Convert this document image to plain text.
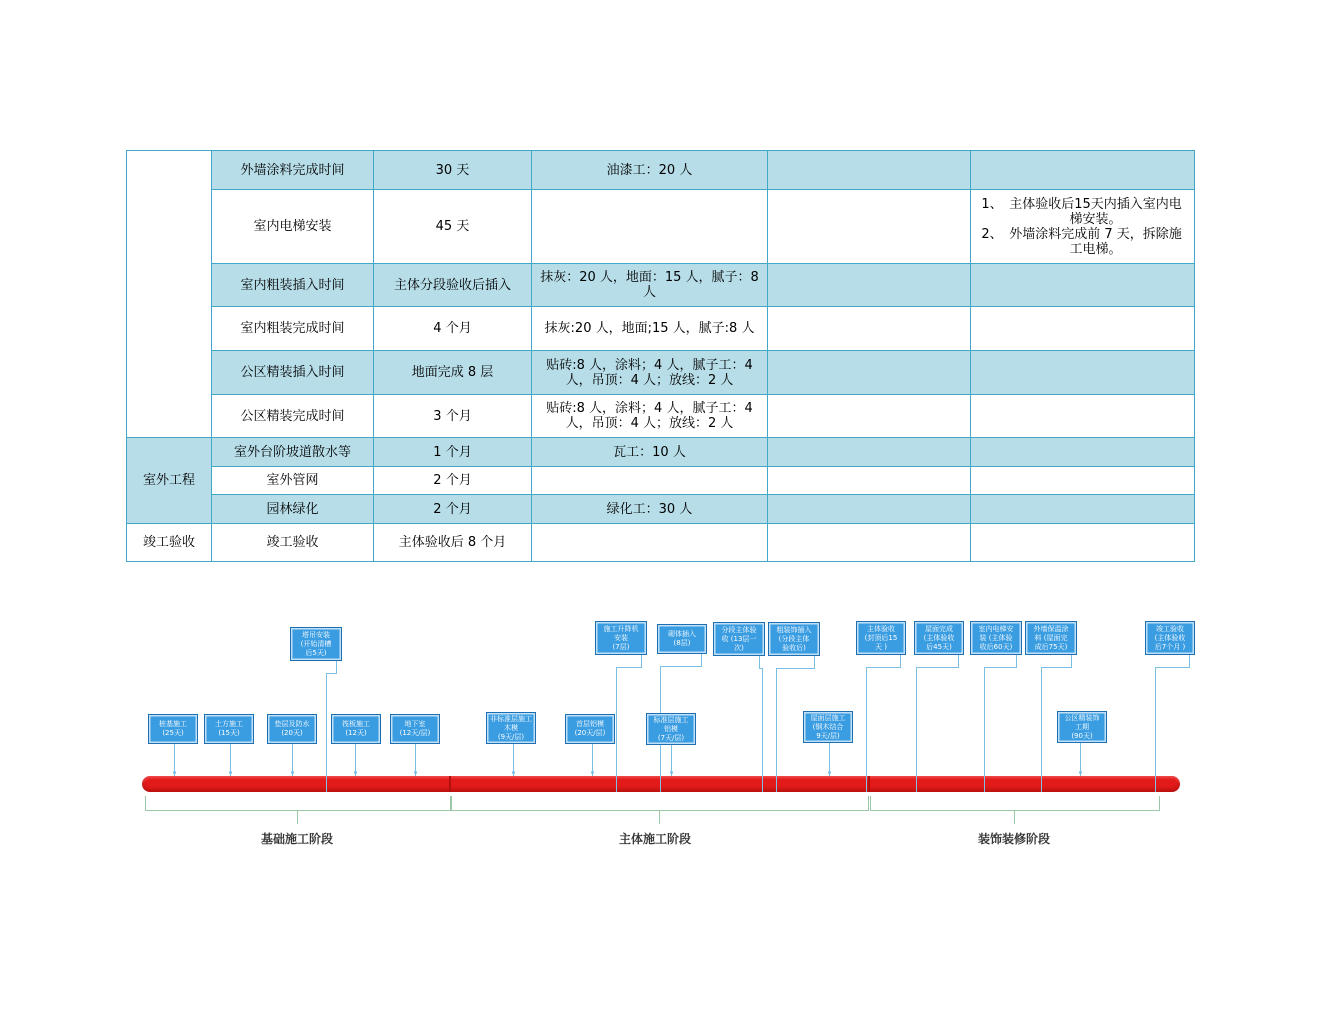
	外墙涂料完成时间	30 天	油漆工：20 人		
	室内电梯安装	45 天			1、 主体验收后15天内插入室内电梯安装。
2、 外墙涂料完成前 7 天，拆除施工电梯。

	室内粗装插入时间	主体分段验收后插入	抹灰：20 人，地面：15 人，腻子：8 人		
	室内粗装完成时间	4 个月	抹灰:20 人，地面;15 人，腻子:8 人		
	公区精装插入时间	地面完成 8 层	贴砖:8 人，涂料；4 人，腻子工：4 人，吊顶：4 人；放线：2 人		
	公区精装完成时间	3 个月	贴砖:8 人，涂料；4 人，腻子工：4 人，吊顶：4 人；放线：2 人		
室外工程	室外台阶坡道散水等	1 个月	瓦工：10 人		
	室外管网	2 个月			
	园林绿化	2 个月	绿化工：30 人		
竣工验收	竣工验收	主体验收后 8 个月			
基础施工阶段	主体施工阶段	装饰装修阶段
桩基施工
(25天)
土方施工
(15天)
垫层及防水
(20天)
塔吊安装
(开始清槽
后5天)
筏板施工
(12天)
地下室
(12天/层)
非标准层施工
木模
(9天/层)
首层铝模
(20天/层)
施工升降机
安装
(7层)
砌体插入
(8层)
标准层施工
铝模
(7天/层)
分段主体验
收 (13层一
次)
粗装饰插入
(分段主体
验收后)
屋面层施工
(钢木结合
9天/层)
主体验收
(封顶后15
天 )
屋面完成
(主体验收
后45天)
室内电梯安
装 (主体验
收后60天)
外墙保温涂
料 (屋面完
成后75天)
公区精装饰
工期
(90天)
竣工验收
(主体验收
后7个月 )
